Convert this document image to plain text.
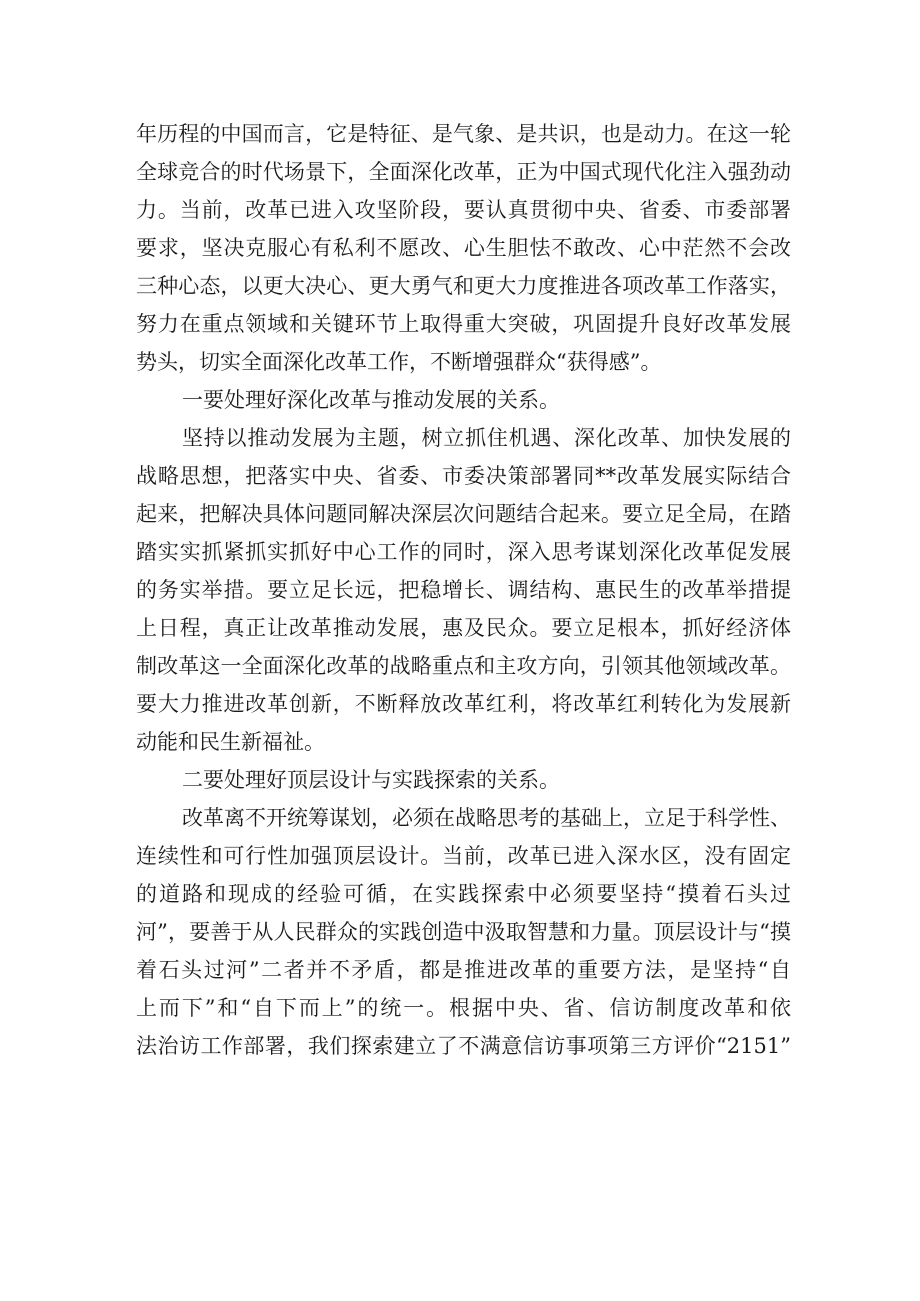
年历程的中国而言，它是特征、是气象、是共识，也是动力。在这一轮
全球竞合的时代场景下，全面深化改革，正为中国式现代化注入强劲动
力。当前，改革已进入攻坚阶段，要认真贯彻中央、省委、市委部署
要求，坚决克服心有私利不愿改、心生胆怯不敢改、心中茫然不会改
三种心态，以更大决心、更大勇气和更大力度推进各项改革工作落实，
努力在重点领域和关键环节上取得重大突破，巩固提升良好改革发展
势头，切实全面深化改革工作，不断增强群众“获得感”。
一要处理好深化改革与推动发展的关系。
坚持以推动发展为主题，树立抓住机遇、深化改革、加快发展的
战略思想，把落实中央、省委、市委决策部署同**改革发展实际结合
起来，把解决具体问题同解决深层次问题结合起来。要立足全局，在踏
踏实实抓紧抓实抓好中心工作的同时，深入思考谋划深化改革促发展
的务实举措。要立足长远，把稳增长、调结构、惠民生的改革举措提
上日程，真正让改革推动发展，惠及民众。要立足根本，抓好经济体
制改革这一全面深化改革的战略重点和主攻方向，引领其他领域改革。
要大力推进改革创新，不断释放改革红利，将改革红利转化为发展新
动能和民生新福祉。
二要处理好顶层设计与实践探索的关系。
改革离不开统筹谋划，必须在战略思考的基础上，立足于科学性、
连续性和可行性加强顶层设计。当前，改革已进入深水区，没有固定
的道路和现成的经验可循，在实践探索中必须要坚持“摸着石头过
河”，要善于从人民群众的实践创造中汲取智慧和力量。顶层设计与“摸
着石头过河”二者并不矛盾，都是推进改革的重要方法，是坚持“自
上而下”和“自下而上”的统一。根据中央、省、信访制度改革和依
法治访工作部署，我们探索建立了不满意信访事项第三方评价“2151”
